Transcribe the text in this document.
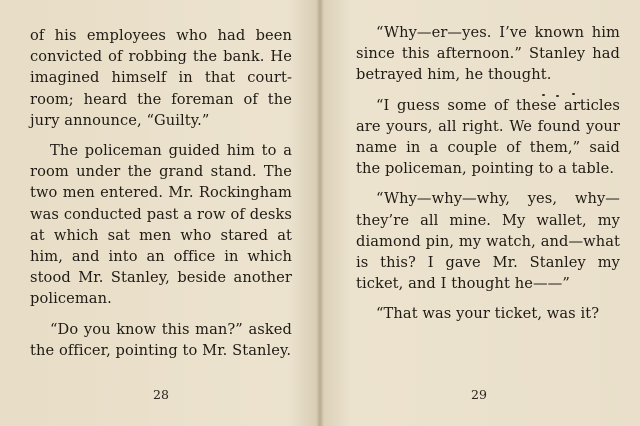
of his employees who had been convicted of robbing the bank. He imagined himself in that court-room; heard the foreman of the jury announce, “Guilty.”

The policeman guided him to a room under the grand stand. The two men entered. Mr. Rockingham was conducted past a row of desks at which sat men who stared at him, and into an office in which stood Mr. Stanley, beside another policeman.

“Do you know this man?” asked the officer, pointing to Mr. Stanley.

28

“Why—er—yes. I’ve known him since this afternoon.” Stanley had betrayed him, he thought.

“I guess some of these articles are yours, all right. We found your name in a couple of them,” said the policeman, pointing to a table.

“Why—why—why, yes, why—they’re all mine. My wallet, my diamond pin, my watch, and—what is this? I gave Mr. Stanley my ticket, and I thought he——”

“That was your ticket, was it?

29
